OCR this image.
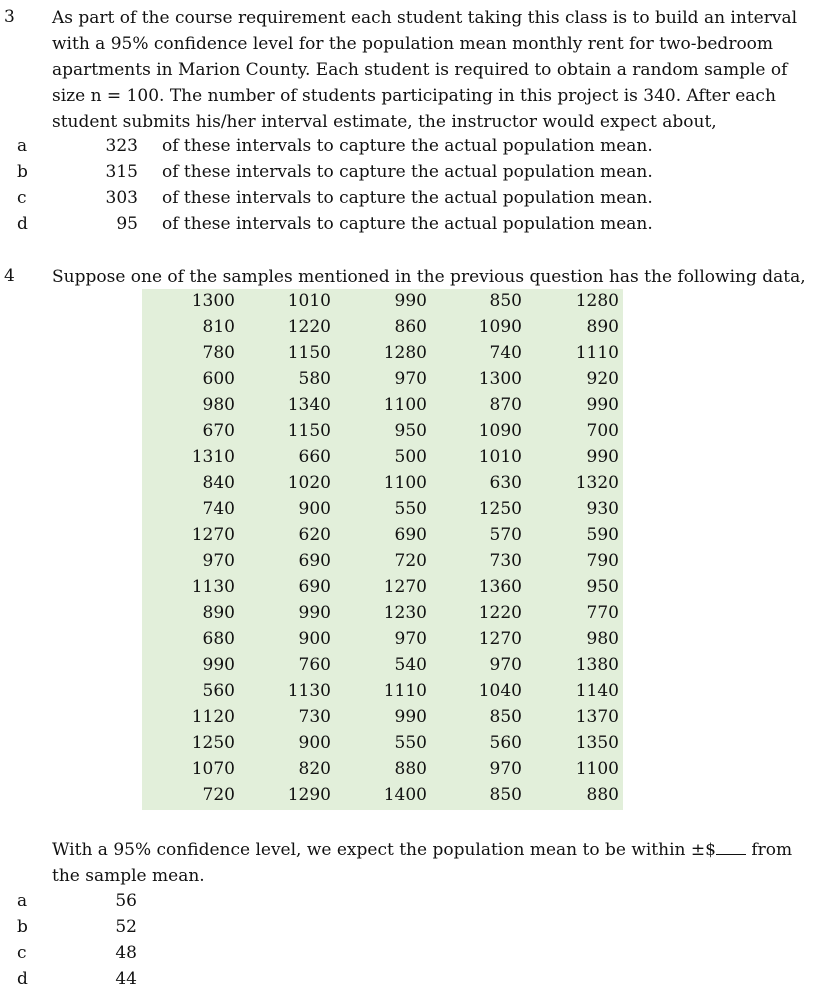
3 As part of the course requirement each student taking this class is to build an interval
with a 95% confidence level for the population mean monthly rent for two-bedroom
apartments in Marion County. Each student is required to obtain a random sample of
size n = 100. The number of students participating in this project is 340. After each
student submits his/her interval estimate, the instructor would expect about,
a	323 of these intervals to capture the actual population mean.
b	315 of these intervals to capture the actual population mean.
c	303 of these intervals to capture the actual population mean.
d	95 of these intervals to capture the actual population mean.
4 Suppose one of the samples mentioned in the previous question has the following data,
1300	1010	990	850	1280
810	1220	860	1090	890
780	1150	1280	740	1110
600	580	970	1300	920
980	1340	1100	870	990
670	1150	950	1090	700
1310	660	500	1010	990
840	1020	1100	630	1320
740	900	550	1250	930
1270	620	690	570	590
970	690	720	730	790
1130	690	1270	1360	950
890	990	1230	1220	770
680	900	970	1270	980
990	760	540	970	1380
560	1130	1110	1040	1140
1120	730	990	850	1370
1250	900	550	560	1350
1070	820	880	970	1100
720	1290	1400	850	880
With a 95% confidence level, we expect the population mean to be within ±$ from
the sample mean.
a	56
b	52
c	48
d	44
